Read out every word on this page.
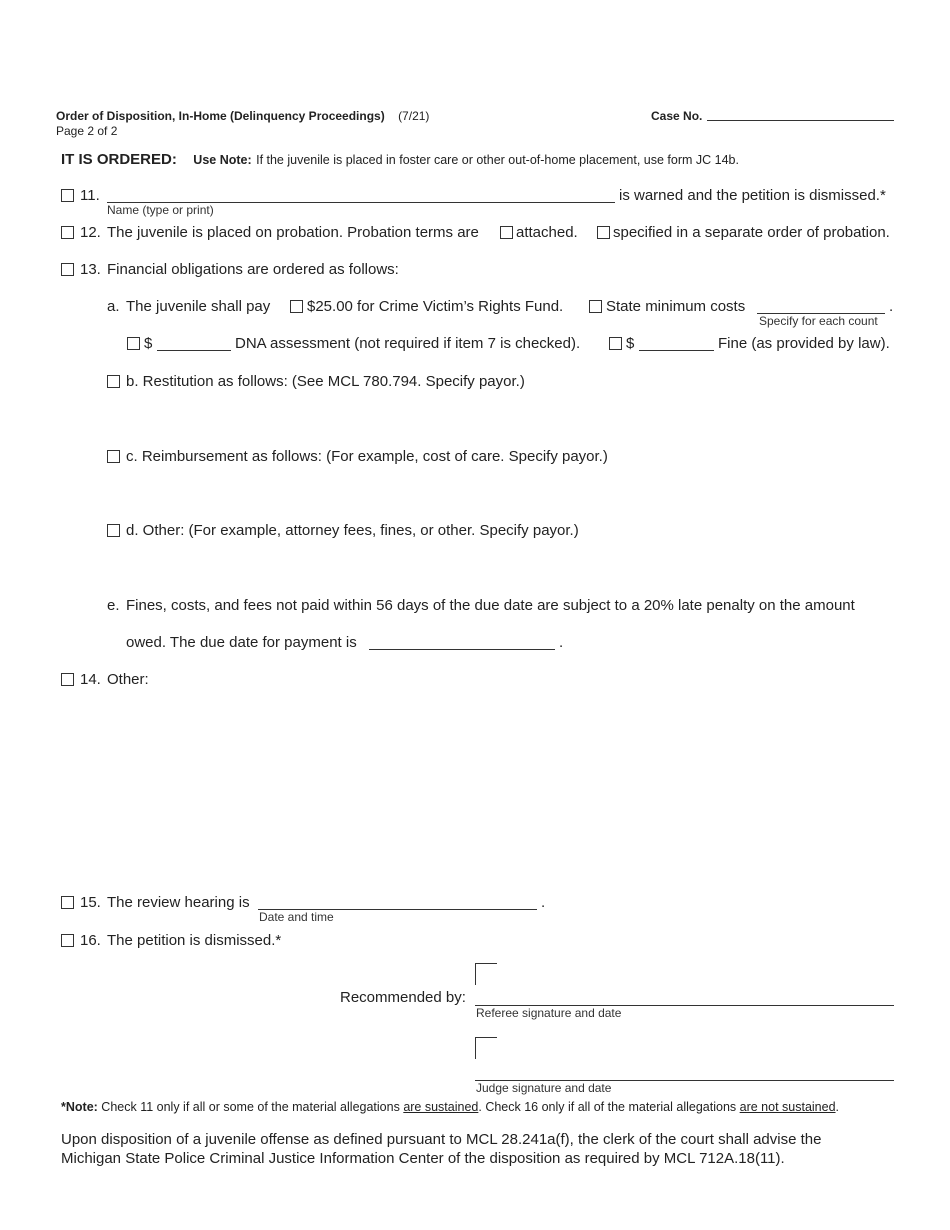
Order of Disposition, In-Home (Delinquency Proceedings) (7/21)
Page 2 of 2
Case No.
IT IS ORDERED: Use Note: If the juvenile is placed in foster care or other out-of-home placement, use form JC 14b.
11.
Name (type or print)
is warned and the petition is dismissed.*
12. The juvenile is placed on probation. Probation terms are attached. specified in a separate order of probation.
13. Financial obligations are ordered as follows:
a. The juvenile shall pay $25.00 for Crime Victim’s Rights Fund.	State minimum costs
Specify for each count
.
$	DNA assessment (not required if item 7 is checked).	$	Fine (as provided by law).
b. Restitution as follows: (See MCL 780.794. Specify payor.)
c. Reimbursement as follows: (For example, cost of care. Specify payor.)
d. Other: (For example, attorney fees, fines, or other. Specify payor.)
e. Fines, costs, and fees not paid within 56 days of the due date are subject to a 20% late penalty on the amount
owed. The due date for payment is	.
14. Other:
15. The review hearing is
Date and time
.
16. The petition is dismissed.*
Recommended by:
Referee signature and date
Judge signature and date
*Note: Check 11 only if all or some of the material allegations are sustained. Check 16 only if all of the material allegations are not sustained.
Upon disposition of a juvenile offense as defined pursuant to MCL 28.241a(f), the clerk of the court shall advise the
Michigan State Police Criminal Justice Information Center of the disposition as required by MCL 712A.18(11).
